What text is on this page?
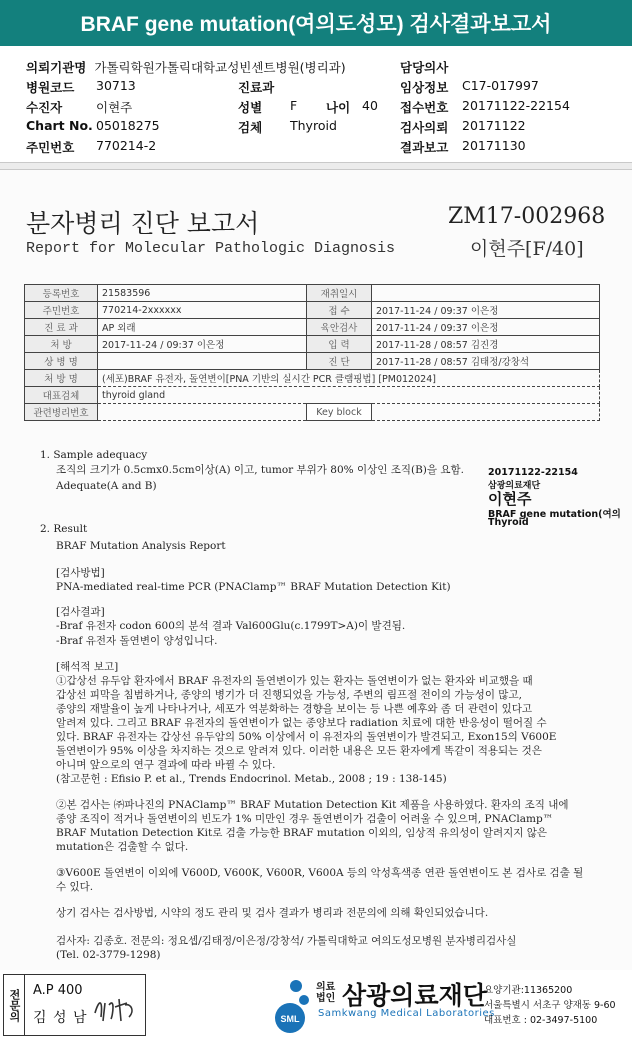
BRAF gene mutation(여의도성모) 검사결과보고서
의뢰기관명 가톨릭학원가톨릭대학교성빈센트병원(병리과)	담당의사
병원코드 30713	진료과	임상정보 C17-017997
수진자	이현주	성별 F 나이 40 접수번호 20171122-22154
Chart No. 05018275	검체 Thyroid	검사의뢰 20171122
주민번호 770214-2	결과보고 20171130
분자병리 진단 보고서
Report for Molecular Pathologic Diagnosis
ZM17-002968
이현주[F/40]
등록번호	21583596	재취일시	
주민번호	770214-2xxxxxx	접 수	2017-11-24 / 09:37 이은정
진 료 과	AP 외래	육안검사	2017-11-24 / 09:37 이은정
처 방	2017-11-24 / 09:37 이은정	입 력	2017-11-28 / 08:57 김진경
상 병 명		진 단	2017-11-28 / 08:57 김태정/강창석
처 방 명	(세포)BRAF 유전자, 돌연변이[PNA 기반의 실시간 PCR 클램핑법] [PM012024]		
대표검체	thyroid gland		
관련병리번호		Key block	
20171122-22154
삼광의료재단
이현주
BRAF gene mutation(여의
Thyroid
1. Sample adequacy
조직의 크기가 0.5cmx0.5cm이상(A) 이고, tumor 부위가 80% 이상인 조직(B)을 요함.
Adequate(A and B)
2. Result
BRAF Mutation Analysis Report
[검사방법]
PNA-mediated real-time PCR (PNAClamp™ BRAF Mutation Detection Kit)
[검사결과]
-Braf 유전자 codon 600의 분석 결과 Val600Glu(c.1799T>A)이 발견됨.
-Braf 유전자 돌연변이 양성입니다.
[해석적 보고]
①갑상선 유두암 환자에서 BRAF 유전자의 돌연변이가 있는 환자는 돌연변이가 없는 환자와 비교했을 때
갑상선 피막을 침범하거나, 종양의 병기가 더 진행되었을 가능성, 주변의 림프절 전이의 가능성이 많고,
종양의 재발율이 높게 나타나거나, 세포가 역분화하는 경향을 보이는 등 나쁜 예후와 좀 더 관련이 있다고
알려져 있다. 그리고 BRAF 유전자의 돌연변이가 없는 종양보다 radiation 치료에 대한 반응성이 떨어질 수
있다. BRAF 유전자는 갑상선 유두암의 50% 이상에서 이 유전자의 돌연변이가 발견되고, Exon15의 V600E
돌연변이가 95% 이상을 차지하는 것으로 알려져 있다. 이러한 내용은 모든 환자에게 똑같이 적용되는 것은
아니며 앞으로의 연구 결과에 따라 바뀔 수 있다.
(참고문헌 : Efisio P. et al., Trends Endocrinol. Metab., 2008 ; 19 : 138-145)
②본 검사는 ㈜파나진의 PNAClamp™ BRAF Mutation Detection Kit 제품을 사용하였다. 환자의 조직 내에
종양 조직이 적거나 돌연변이의 빈도가 1% 미만인 경우 돌연변이가 검출이 어려울 수 있으며, PNAClamp™
BRAF Mutation Detection Kit로 검출 가능한 BRAF mutation 이외의, 임상적 유의성이 알려지지 않은
mutation은 검출할 수 없다.
③V600E 돌연변이 이외에 V600D, V600K, V600R, V600A 등의 악성흑색종 연관 돌연변이도 본 검사로 검출 될
수 있다.
상기 검사는 검사방법, 시약의 정도 관리 및 검사 결과가 병리과 전문의에 의해 확인되었습니다.
검사자: 김종호. 전문의: 정요셉/김태정/이은정/강창석/ 가톨릭대학교 여의도성모병원 분자병리검사실
(Tel. 02-3779-1298)
전문의 A.P 400
김 성 남	SML
의료
법인 삼광의료재단
Samkwang Medical Laboratories
요양기관:11365200
서울특별시 서초구 양재동 9-60
대표번호 : 02-3497-5100
